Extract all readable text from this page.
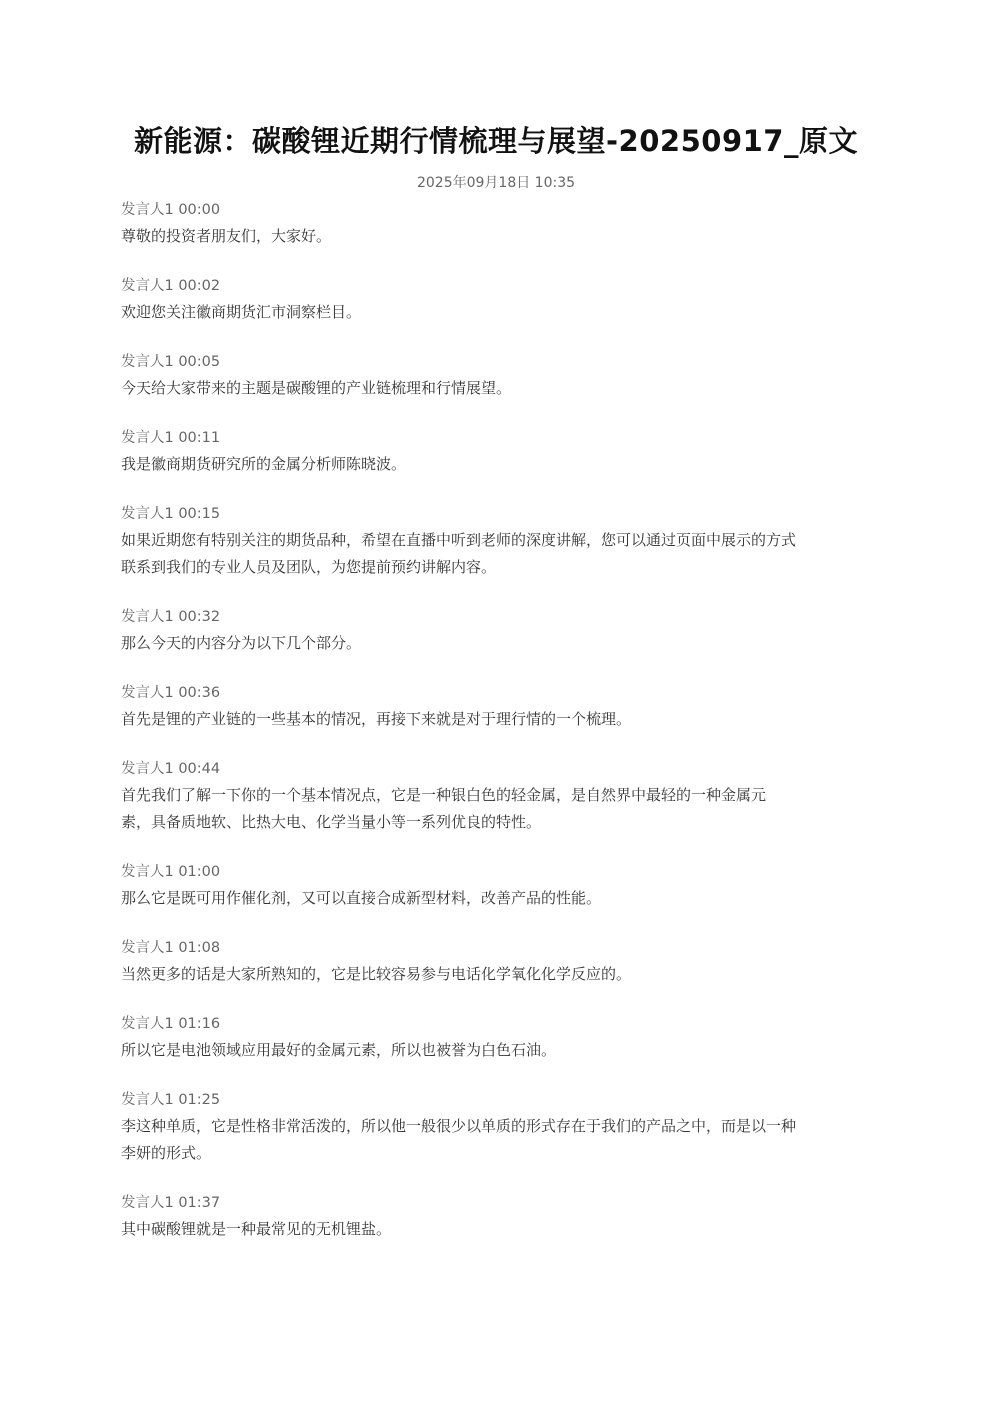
新能源：碳酸锂近期行情梳理与展望-20250917_原文
2025年09月18日 10:35
发言人1 00:00
尊敬的投资者朋友们，大家好。
发言人1 00:02
欢迎您关注徽商期货汇市洞察栏目。
发言人1 00:05
今天给大家带来的主题是碳酸锂的产业链梳理和行情展望。
发言人1 00:11
我是徽商期货研究所的金属分析师陈晓波。
发言人1 00:15
如果近期您有特别关注的期货品种，希望在直播中听到老师的深度讲解，您可以通过页面中展示的方式
联系到我们的专业人员及团队，为您提前预约讲解内容。
发言人1 00:32
那么今天的内容分为以下几个部分。
发言人1 00:36
首先是锂的产业链的一些基本的情况，再接下来就是对于理行情的一个梳理。
发言人1 00:44
首先我们了解一下你的一个基本情况点，它是一种银白色的轻金属，是自然界中最轻的一种金属元
素，具备质地软、比热大电、化学当量小等一系列优良的特性。
发言人1 01:00
那么它是既可用作催化剂，又可以直接合成新型材料，改善产品的性能。
发言人1 01:08
当然更多的话是大家所熟知的，它是比较容易参与电话化学氧化化学反应的。
发言人1 01:16
所以它是电池领域应用最好的金属元素，所以也被誉为白色石油。
发言人1 01:25
李这种单质，它是性格非常活泼的，所以他一般很少以单质的形式存在于我们的产品之中，而是以一种
李妍的形式。
发言人1 01:37
其中碳酸锂就是一种最常见的无机锂盐。
